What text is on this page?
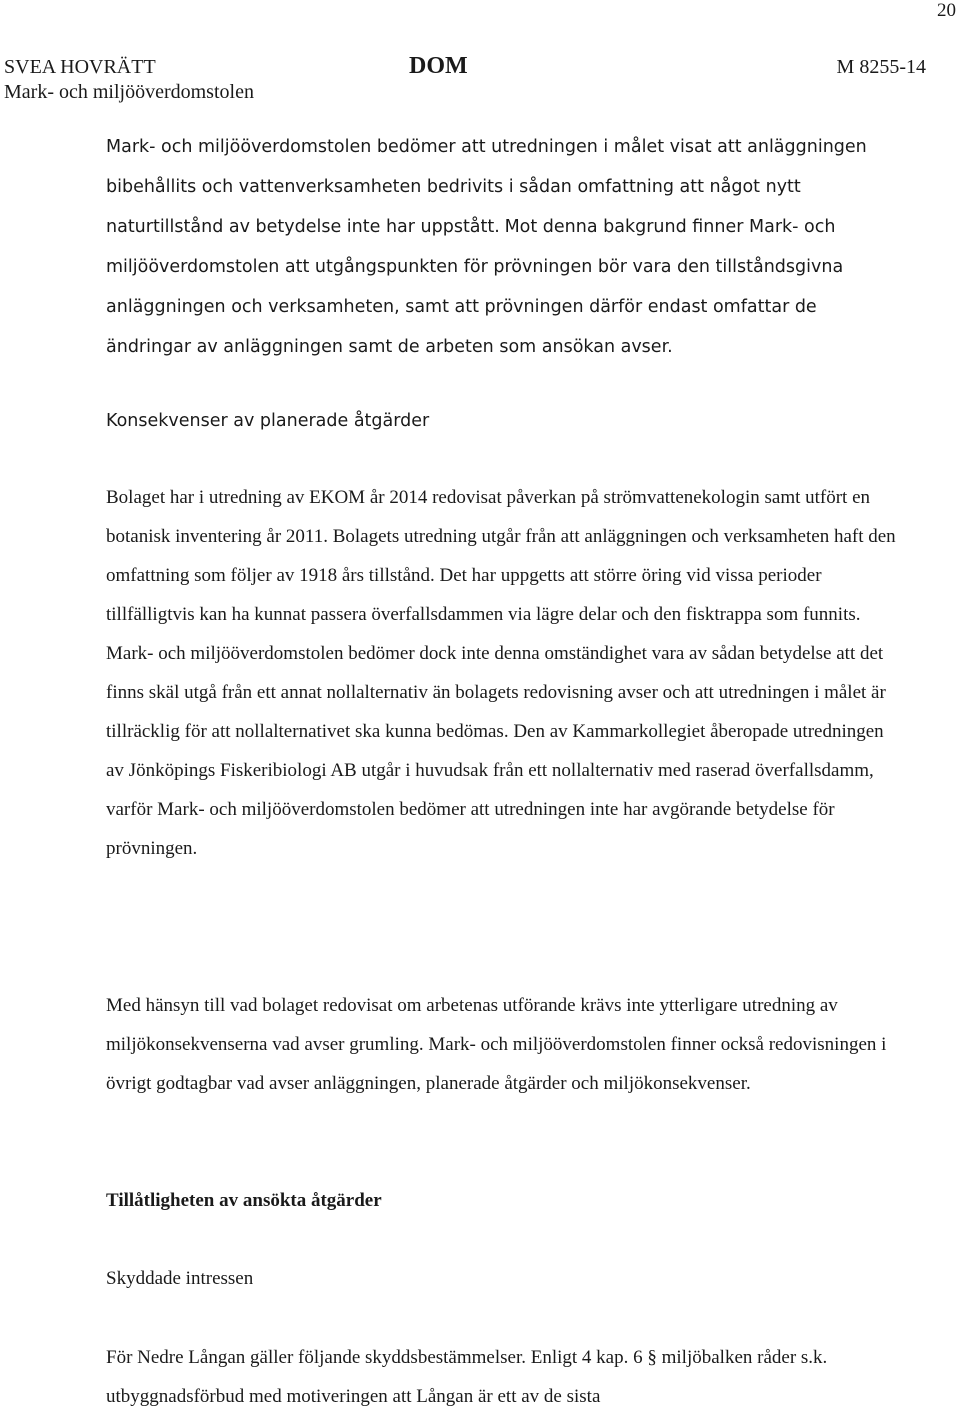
20
SVEA HOVRÄTT
Mark- och miljööverdomstolen
DOM	M 8255-14

Mark- och miljööverdomstolen bedömer att utredningen i målet visat att anläggningen bibehållits och vattenverksamheten bedrivits i sådan omfattning att något nytt naturtillstånd av betydelse inte har uppstått. Mot denna bakgrund finner Mark- och miljööverdomstolen att utgångspunkten för prövningen bör vara den tillståndsgivna anläggningen och verksamheten, samt att prövningen därför endast omfattar de ändringar av anläggningen samt de arbeten som ansökan avser.

Konsekvenser av planerade åtgärder

Bolaget har i utredning av EKOM år 2014 redovisat påverkan på strömvattenekologin samt utfört en botanisk inventering år 2011. Bolagets utredning utgår från att anläggningen och verksamheten haft den omfattning som följer av 1918 års tillstånd. Det har uppgetts att större öring vid vissa perioder tillfälligtvis kan ha kunnat passera överfallsdammen via lägre delar och den fisktrappa som funnits. Mark- och miljööverdomstolen bedömer dock inte denna omständighet vara av sådan betydelse att det finns skäl utgå från ett annat nollalternativ än bolagets redovisning avser och att utredningen i målet är tillräcklig för att nollalternativet ska kunna bedömas. Den av Kammarkollegiet åberopade utredningen av Jönköpings Fiskeribiologi AB utgår i huvudsak från ett nollalternativ med raserad överfallsdamm, varför Mark- och miljööverdomstolen bedömer att utredningen inte har avgörande betydelse för prövningen.

Med hänsyn till vad bolaget redovisat om arbetenas utförande krävs inte ytterligare utredning av miljökonsekvenserna vad avser grumling. Mark- och miljööverdomstolen finner också redovisningen i övrigt godtagbar vad avser anläggningen, planerade åtgärder och miljökonsekvenser.

Tillåtligheten av ansökta åtgärder
Skyddade intressen

För Nedre Långan gäller följande skyddsbestämmelser. Enligt 4 kap. 6 § miljöbalken råder s.k. utbyggnadsförbud med motiveringen att Långan är ett av de sista
